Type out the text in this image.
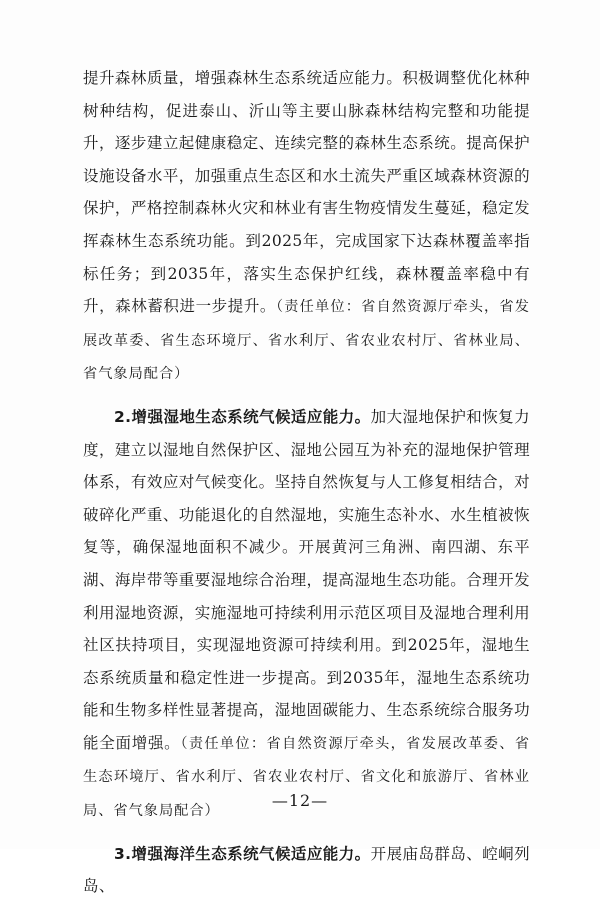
提升森林质量，增强森林生态系统适应能力。积极调整优化林种树种结构，促进泰山、沂山等主要山脉森林结构完整和功能提升，逐步建立起健康稳定、连续完整的森林生态系统。提高保护设施设备水平，加强重点生态区和水土流失严重区域森林资源的保护，严格控制森林火灾和林业有害生物疫情发生蔓延，稳定发挥森林生态系统功能。到2025年，完成国家下达森林覆盖率指标任务；到2035年，落实生态保护红线，森林覆盖率稳中有升，森林蓄积进一步提升。（责任单位：省自然资源厅牵头，省发展改革委、省生态环境厅、省水利厅、省农业农村厅、省林业局、省气象局配合）

2.增强湿地生态系统气候适应能力。加大湿地保护和恢复力度，建立以湿地自然保护区、湿地公园互为补充的湿地保护管理体系，有效应对气候变化。坚持自然恢复与人工修复相结合，对破碎化严重、功能退化的自然湿地，实施生态补水、水生植被恢复等，确保湿地面积不减少。开展黄河三角洲、南四湖、东平湖、海岸带等重要湿地综合治理，提高湿地生态功能。合理开发利用湿地资源，实施湿地可持续利用示范区项目及湿地合理利用社区扶持项目，实现湿地资源可持续利用。到2025年，湿地生态系统质量和稳定性进一步提高。到2035年，湿地生态系统功能和生物多样性显著提高，湿地固碳能力、生态系统综合服务功能全面增强。（责任单位：省自然资源厅牵头，省发展改革委、省生态环境厅、省水利厅、省农业农村厅、省文化和旅游厅、省林业局、省气象局配合）

3.增强海洋生态系统气候适应能力。开展庙岛群岛、崆峒列岛、

—12—
